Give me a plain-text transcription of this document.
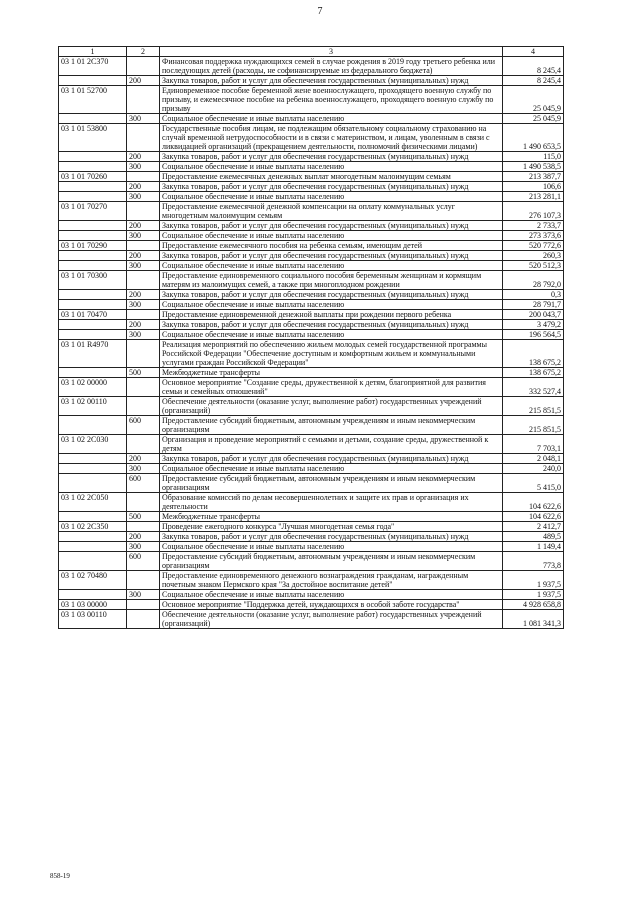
7
1	2	3	4
03 1 01 2С370		Финансовая поддержка нуждающихся семей в случае рождения в 2019 году третьего ребенка или последующих детей (расходы, не софинансируемые из федерального бюджета)	8 245,4
	200	Закупка товаров, работ и услуг для обеспечения государственных (муниципальных) нужд	8 245,4
03 1 01 52700		Единовременное пособие беременной жене военнослужащего, проходящего военную службу по призыву, и ежемесячное пособие на ребенка военнослужащего, проходящего военную службу по призыву	25 045,9
	300	Социальное обеспечение и иные выплаты населению	25 045,9
03 1 01 53800		Государственные пособия лицам, не подлежащим обязательному социальному страхованию на случай временной нетрудоспособности и в связи с материнством, и лицам, уволенным в связи с ликвидацией организаций (прекращением деятельности, полномочий физическими лицами)	1 490 653,5
	200	Закупка товаров, работ и услуг для обеспечения государственных (муниципальных) нужд	115,0
	300	Социальное обеспечение и иные выплаты населению	1 490 538,5
03 1 01 70260		Предоставление ежемесячных денежных выплат многодетным малоимущим семьям	213 387,7
	200	Закупка товаров, работ и услуг для обеспечения государственных (муниципальных) нужд	106,6
	300	Социальное обеспечение и иные выплаты населению	213 281,1
03 1 01 70270		Предоставление ежемесячной денежной компенсации на оплату коммунальных услуг многодетным малоимущим семьям	276 107,3
	200	Закупка товаров, работ и услуг для обеспечения государственных (муниципальных) нужд	2 733,7
	300	Социальное обеспечение и иные выплаты населению	273 373,6
03 1 01 70290		Предоставление ежемесячного пособия на ребенка семьям, имеющим детей	520 772,6
	200	Закупка товаров, работ и услуг для обеспечения государственных (муниципальных) нужд	260,3
	300	Социальное обеспечение и иные выплаты населению	520 512,3
03 1 01 70300		Предоставление единовременного социального пособия беременным женщинам и кормящим матерям из малоимущих семей, а также при многоплодном рождении	28 792,0
	200	Закупка товаров, работ и услуг для обеспечения государственных (муниципальных) нужд	0,3
	300	Социальное обеспечение и иные выплаты населению	28 791,7
03 1 01 70470		Предоставление единовременной денежной выплаты при рождении первого ребенка	200 043,7
	200	Закупка товаров, работ и услуг для обеспечения государственных (муниципальных) нужд	3 479,2
	300	Социальное обеспечение и иные выплаты населению	196 564,5
03 1 01 R4970		Реализация мероприятий по обеспечению жильем молодых семей государственной программы Российской Федерации "Обеспечение доступным и комфортным жильем и коммунальными услугами граждан Российской Федерации"	138 675,2
	500	Межбюджетные трансферты	138 675,2
03 1 02 00000		Основное мероприятие "Создание среды, дружественной к детям, благоприятной для развития семьи и семейных отношений"	332 527,4
03 1 02 00110		Обеспечение деятельности (оказание услуг, выполнение работ) государственных учреждений (организаций)	215 851,5
	600	Предоставление субсидий бюджетным, автономным учреждениям и иным некоммерческим организациям	215 851,5
03 1 02 2С030		Организация и проведение мероприятий с семьями и детьми, создание среды, дружественной к детям	7 703,1
	200	Закупка товаров, работ и услуг для обеспечения государственных (муниципальных) нужд	2 048,1
	300	Социальное обеспечение и иные выплаты населению	240,0
	600	Предоставление субсидий бюджетным, автономным учреждениям и иным некоммерческим организациям	5 415,0
03 1 02 2С050		Образование комиссий по делам несовершеннолетних и защите их прав и организация их деятельности	104 622,6
	500	Межбюджетные трансферты	104 622,6
03 1 02 2С350		Проведение ежегодного конкурса "Лучшая многодетная семья года"	2 412,7
	200	Закупка товаров, работ и услуг для обеспечения государственных (муниципальных) нужд	489,5
	300	Социальное обеспечение и иные выплаты населению	1 149,4
	600	Предоставление субсидий бюджетным, автономным учреждениям и иным некоммерческим организациям	773,8
03 1 02 70480		Предоставление единовременного денежного вознаграждения гражданам, награжденным почетным знаком Пермского края "За достойное воспитание детей"	1 937,5
	300	Социальное обеспечение и иные выплаты населению	1 937,5
03 1 03 00000		Основное мероприятие "Поддержка детей, нуждающихся в особой заботе государства"	4 928 658,8
03 1 03 00110		Обеспечение деятельности (оказание услуг, выполнение работ) государственных учреждений (организаций)	1 081 341,3
858-19
